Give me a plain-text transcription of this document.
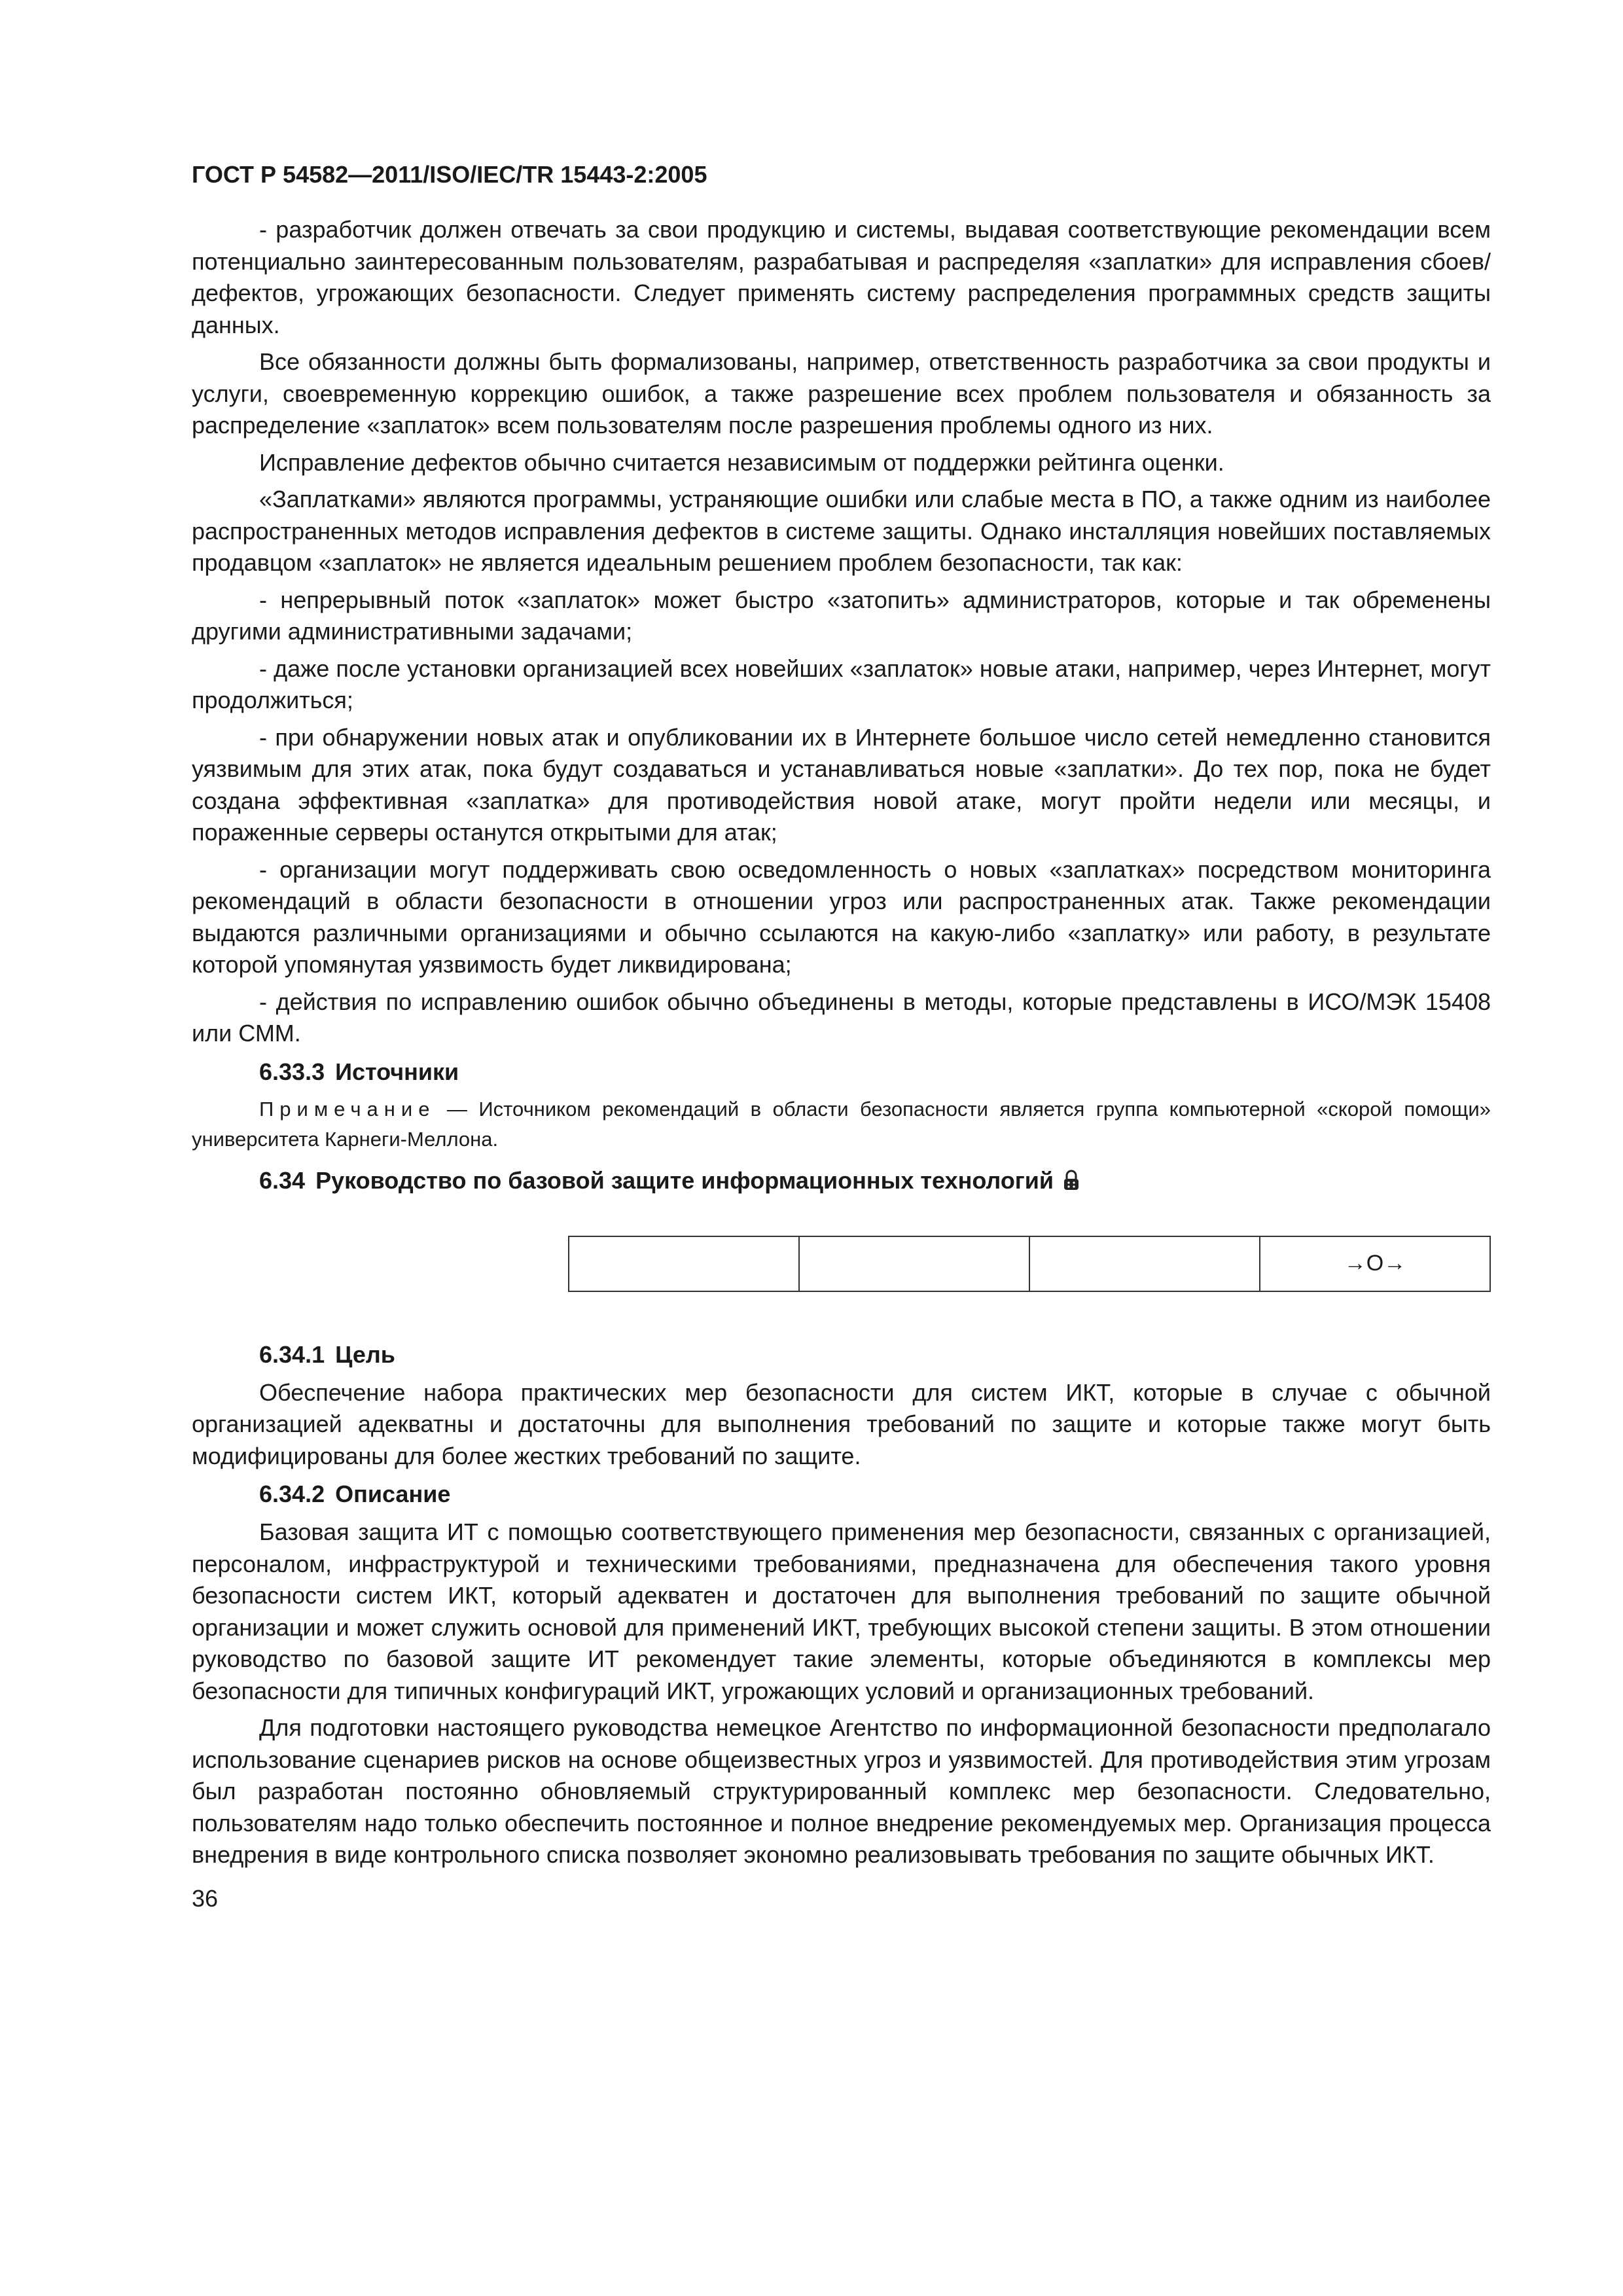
ГОСТ Р 54582—2011/ISO/IEC/TR 15443-2:2005

- разработчик должен отвечать за свои продукцию и системы, выдавая соответствующие рекомендации всем потенциально заинтересованным пользователям, разрабатывая и распределяя «заплатки» для исправления сбоев/дефектов, угрожающих безопасности. Следует применять систему распределения программных средств защиты данных.

Все обязанности должны быть формализованы, например, ответственность разработчика за свои продукты и услуги, своевременную коррекцию ошибок, а также разрешение всех проблем пользователя и обязанность за распределение «заплаток» всем пользователям после разрешения проблемы одного из них.

Исправление дефектов обычно считается независимым от поддержки рейтинга оценки.

«Заплатками» являются программы, устраняющие ошибки или слабые места в ПО, а также одним из наиболее распространенных методов исправления дефектов в системе защиты. Однако инсталляция новейших поставляемых продавцом «заплаток» не является идеальным решением проблем безопасности, так как:

- непрерывный поток «заплаток» может быстро «затопить» администраторов, которые и так обременены другими административными задачами;

- даже после установки организацией всех новейших «заплаток» новые атаки, например, через Интернет, могут продолжиться;

- при обнаружении новых атак и опубликовании их в Интернете большое число сетей немедленно становится уязвимым для этих атак, пока будут создаваться и устанавливаться новые «заплатки». До тех пор, пока не будет создана эффективная «заплатка» для противодействия новой атаке, могут пройти недели или месяцы, и пораженные серверы останутся открытыми для атак;

- организации могут поддерживать свою осведомленность о новых «заплатках» посредством мониторинга рекомендаций в области безопасности в отношении угроз или распространенных атак. Также рекомендации выдаются различными организациями и обычно ссылаются на какую-либо «заплатку» или работу, в результате которой упомянутая уязвимость будет ликвидирована;

- действия по исправлению ошибок обычно объединены в методы, которые представлены в ИСО/МЭК 15408 или СММ.

6.33.3 Источники

Примечание — Источником рекомендаций в области безопасности является группа компьютерной «скорой помощи» университета Карнеги-Меллона.

6.34 Руководство по базовой защите информационных технологий
→O→
6.34.1 Цель

Обеспечение набора практических мер безопасности для систем ИКТ, которые в случае с обычной организацией адекватны и достаточны для выполнения требований по защите и которые также могут быть модифицированы для более жестких требований по защите.

6.34.2 Описание

Базовая защита ИТ с помощью соответствующего применения мер безопасности, связанных с организацией, персоналом, инфраструктурой и техническими требованиями, предназначена для обеспечения такого уровня безопасности систем ИКТ, который адекватен и достаточен для выполнения требований по защите обычной организации и может служить основой для применений ИКТ, требующих высокой степени защиты. В этом отношении руководство по базовой защите ИТ рекомендует такие элементы, которые объединяются в комплексы мер безопасности для типичных конфигураций ИКТ, угрожающих условий и организационных требований.

Для подготовки настоящего руководства немецкое Агентство по информационной безопасности предполагало использование сценариев рисков на основе общеизвестных угроз и уязвимостей. Для противодействия этим угрозам был разработан постоянно обновляемый структурированный комплекс мер безопасности. Следовательно, пользователям надо только обеспечить постоянное и полное внедрение рекомендуемых мер. Организация процесса внедрения в виде контрольного списка позволяет экономно реализовывать требования по защите обычных ИКТ.

36
